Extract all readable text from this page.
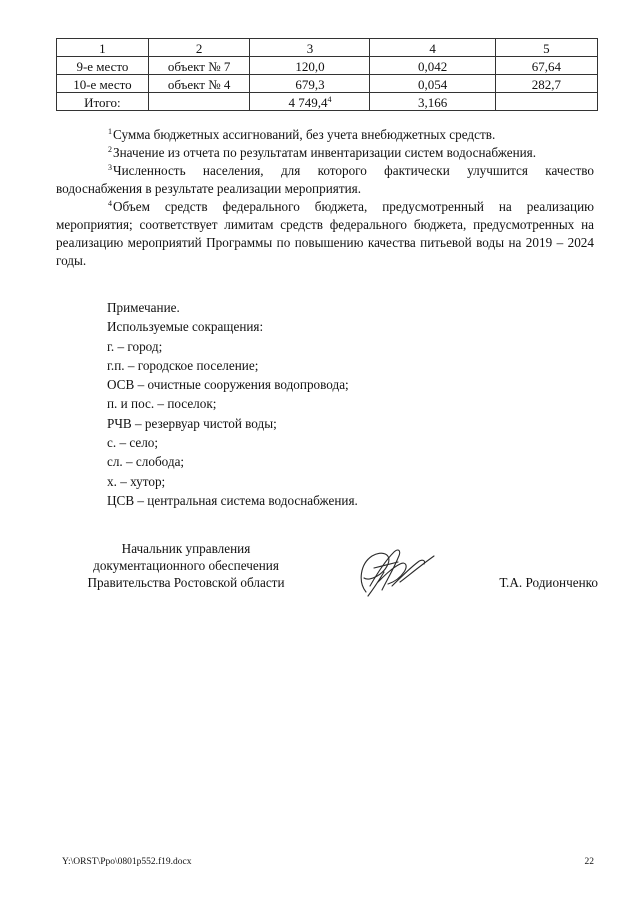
1	2	3	4	5
9-е место	объект № 7	120,0	0,042	67,64
10-е место	объект № 4	679,3	0,054	282,7
Итого:		4 749,4$^4$	3,166	

$^1$Сумма бюджетных ассигнований, без учета внебюджетных средств.

$^2$Значение из отчета по результатам инвентаризации систем водоснабжения.

$^3$Численность населения, для которого фактически улучшится качество водоснабжения в результате реализации мероприятия.

$^4$Объем средств федерального бюджета, предусмотренный на реализацию мероприятия; соответствует лимитам средств федерального бюджета, предусмотренных на реализацию мероприятий Программы по повышению качества питьевой воды на 2019 – 2024 годы.

Примечание.
Используемые сокращения:
г. – город;
г.п. – городское поселение;
ОСВ – очистные сооружения водопровода;
п. и пос. – поселок;
РЧВ – резервуар чистой воды;
с. – село;
сл. – слобода;
х. – хутор;
ЦСВ – центральная система водоснабжения.
Начальник управления
документационного обеспечения
Правительства Ростовской области	Т.А. Родионченко
Y:\ORST\Ppo\0801p552.f19.docx	22
